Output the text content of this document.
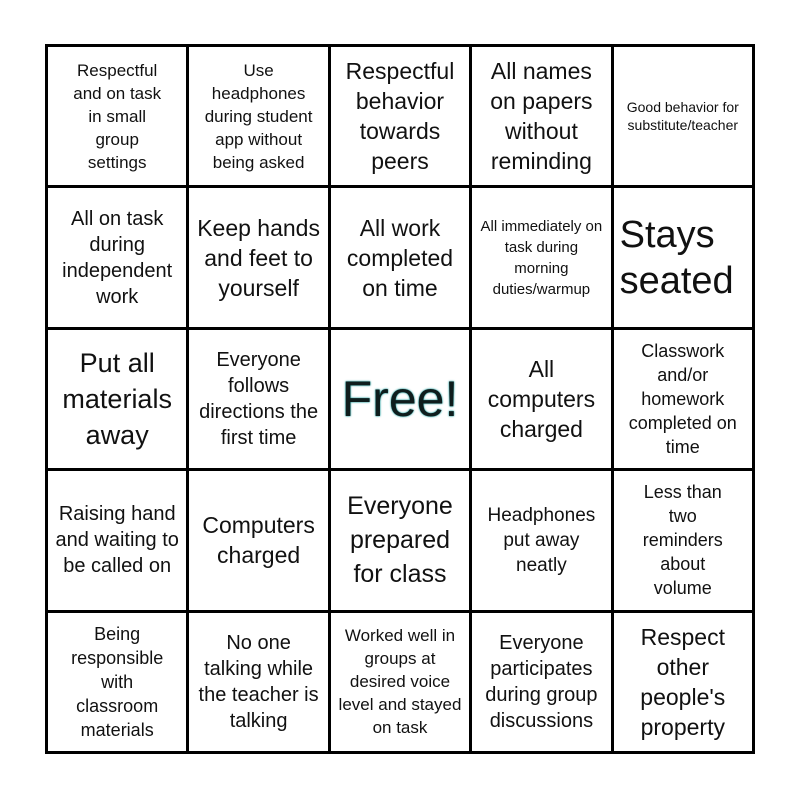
Respectful and on task in small group settings
Use headphones during student app without being asked
Respectful behavior towards peers
All names on papers without reminding
Good behavior for substitute/teacher
All on task during independent work
Keep hands and feet to yourself
All work completed on time
All immediately on task during morning duties/warmup
Stays seated
Put all materials away
Everyone follows directions the first time
Free!
All computers charged
Classwork and/or homework completed on time
Raising hand and waiting to be called on
Computers charged
Everyone prepared for class
Headphones put away neatly
Less than two reminders about volume
Being responsible with classroom materials
No one talking while the teacher is talking
Worked well in groups at desired voice level and stayed on task
Everyone participates during group discussions
Respect other people's property
